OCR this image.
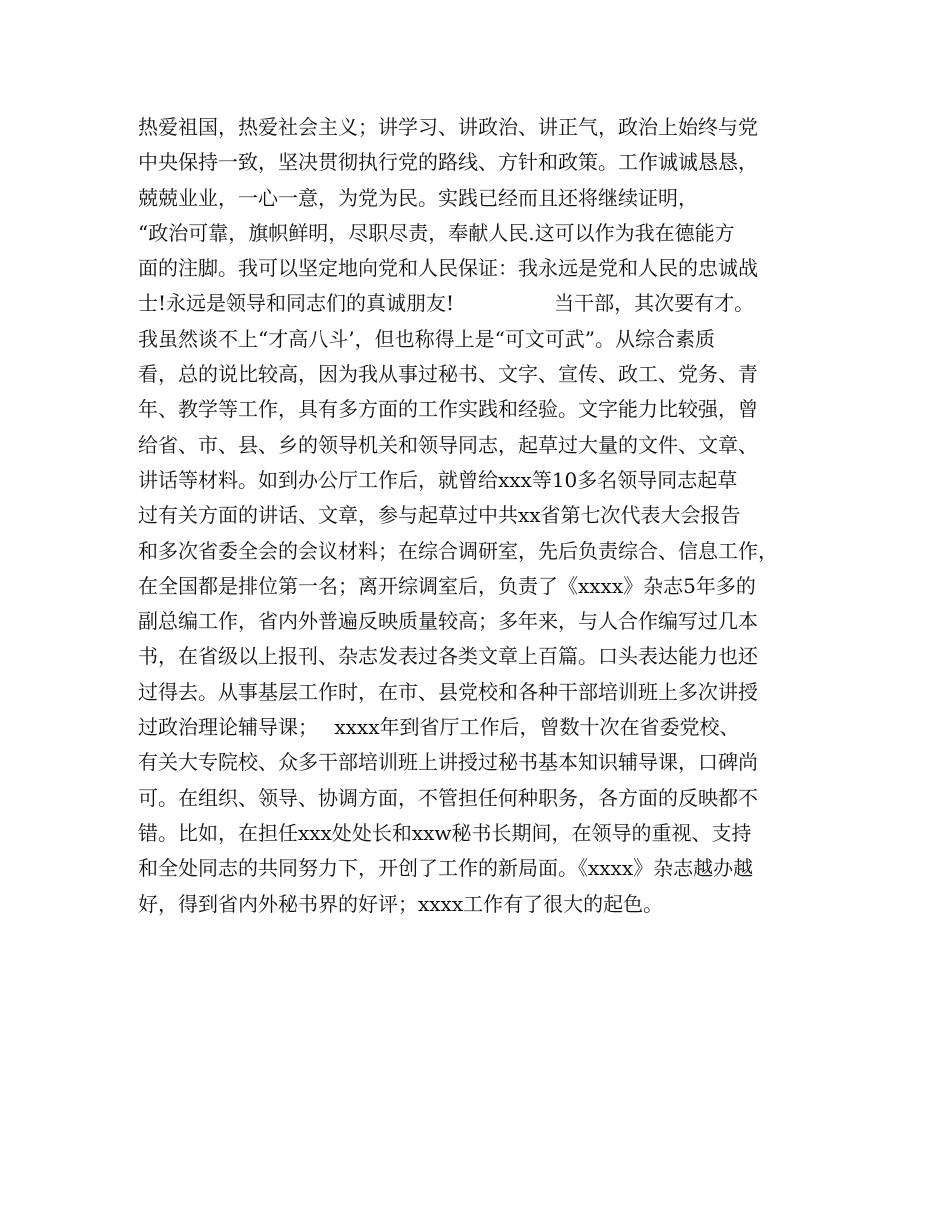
热爱祖国，热爱社会主义；讲学习、讲政治、讲正气，政治上始终与党
中央保持一致，坚决贯彻执行党的路线、方针和政策。工作诚诚恳恳，
兢兢业业，一心一意，为党为民。实践已经而且还将继续证明，
“政治可靠，旗帜鲜明，尽职尽责，奉献人民.这可以作为我在德能方
面的注脚。我可以坚定地向党和人民保证：我永远是党和人民的忠诚战
士!永远是领导和同志们的真诚朋友!　　　　　当干部，其次要有才。
我虽然谈不上“才高八斗’，但也称得上是“可文可武”。从综合素质
看，总的说比较高，因为我从事过秘书、文字、宣传、政工、党务、青
年、教学等工作，具有多方面的工作实践和经验。文字能力比较强，曾
给省、市、县、乡的领导机关和领导同志，起草过大量的文件、文章、
讲话等材料。如到办公厅工作后，就曾给xxx等10多名领导同志起草
过有关方面的讲话、文章，参与起草过中共xx省第七次代表大会报告
和多次省委全会的会议材料；在综合调研室，先后负责综合、信息工作，
在全国都是排位第一名；离开综调室后，负责了《xxxx》杂志5年多的
副总编工作，省内外普遍反映质量较高；多年来，与人合作编写过几本
书，在省级以上报刊、杂志发表过各类文章上百篇。口头表达能力也还
过得去。从事基层工作时，在市、县党校和各种干部培训班上多次讲授
过政治理论辅导课；　 xxxx年到省厅工作后，曾数十次在省委党校、
有关大专院校、众多干部培训班上讲授过秘书基本知识辅导课，口碑尚
可。在组织、领导、协调方面，不管担任何种职务，各方面的反映都不
错。比如，在担任xxx处处长和xxw秘书长期间，在领导的重视、支持
和全处同志的共同努力下，开创了工作的新局面。《xxxx》杂志越办越
好，得到省内外秘书界的好评；xxxx工作有了很大的起色。
